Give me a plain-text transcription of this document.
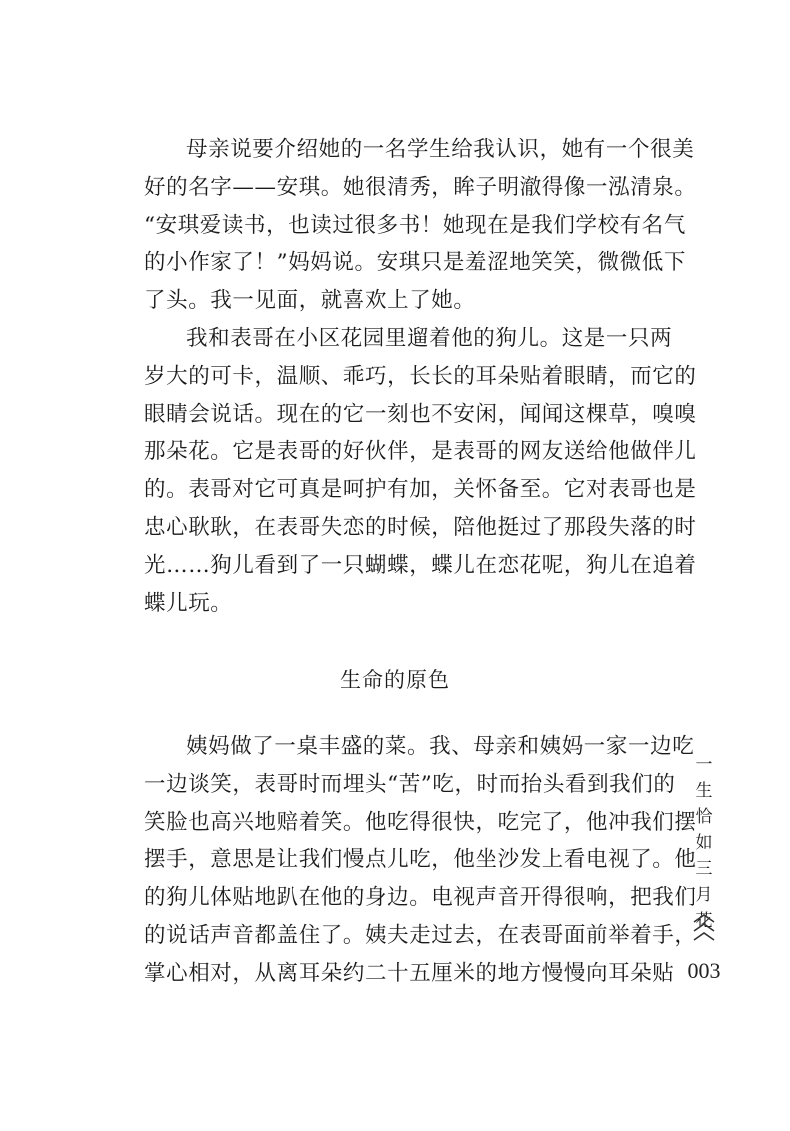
母亲说要介绍她的一名学生给我认识，她有一个很美
好的名字——安琪。她很清秀，眸子明澈得像一泓清泉。
“安琪爱读书，也读过很多书！她现在是我们学校有名气
的小作家了！”妈妈说。安琪只是羞涩地笑笑，微微低下
了头。我一见面，就喜欢上了她。
我和表哥在小区花园里遛着他的狗儿。这是一只两
岁大的可卡，温顺、乖巧，长长的耳朵贴着眼睛，而它的
眼睛会说话。现在的它一刻也不安闲，闻闻这棵草，嗅嗅
那朵花。它是表哥的好伙伴，是表哥的网友送给他做伴儿
的。表哥对它可真是呵护有加，关怀备至。它对表哥也是
忠心耿耿，在表哥失恋的时候，陪他挺过了那段失落的时
光……狗儿看到了一只蝴蝶，蝶儿在恋花呢，狗儿在追着
蝶儿玩。
生命的原色
姨妈做了一桌丰盛的菜。我、母亲和姨妈一家一边吃
一边谈笑，表哥时而埋头“苦”吃，时而抬头看到我们的
笑脸也高兴地赔着笑。他吃得很快，吃完了，他冲我们摆
摆手，意思是让我们慢点儿吃，他坐沙发上看电视了。他
的狗儿体贴地趴在他的身边。电视声音开得很响，把我们
的说话声音都盖住了。姨夫走过去，在表哥面前举着手，
掌心相对，从离耳朵约二十五厘米的地方慢慢向耳朵贴
一
生
恰
如
三
月
花
003
